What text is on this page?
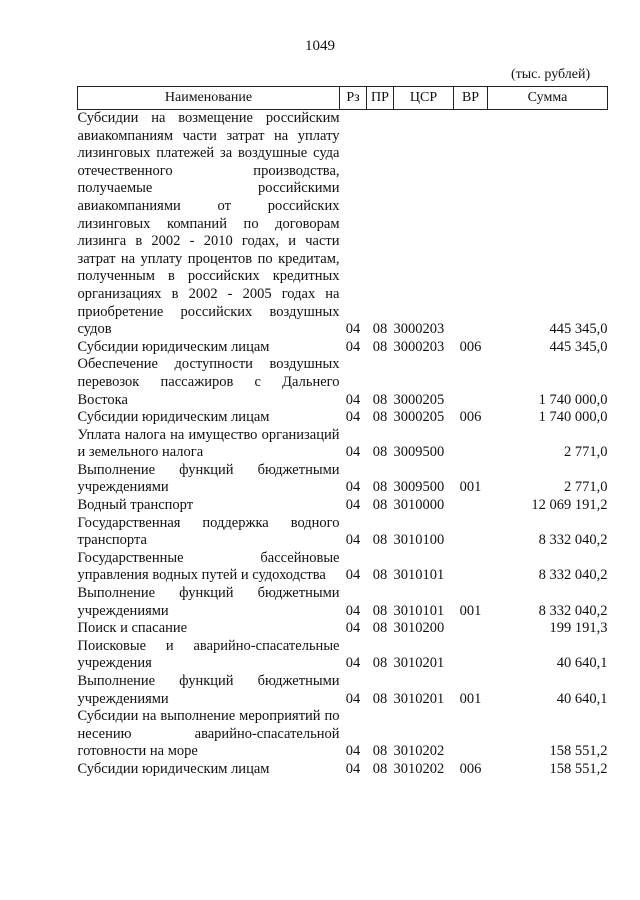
1049
(тыс. рублей)
Наименование	Рз	ПР	ЦСР	ВР	Сумма
Субсидии на возмещение российским авиакомпаниям части затрат на уплату лизинговых платежей за воздушные суда отечественного производства, получаемые российскими авиакомпаниями от российских лизинговых компаний по договорам лизинга в 2002 - 2010 годах, и части затрат на уплату процентов по кредитам, полученным в российских кредитных организациях в 2002 - 2005 годах на приобретение российских воздушных судов	04	08	3000203		445 345,0
Субсидии юридическим лицам	04	08	3000203	006	445 345,0
Обеспечение доступности воздушных перевозок пассажиров с Дальнего Востока	04	08	3000205		1 740 000,0
Субсидии юридическим лицам	04	08	3000205	006	1 740 000,0
Уплата налога на имущество организаций и земельного налога	04	08	3009500		2 771,0
Выполнение функций бюджетными учреждениями	04	08	3009500	001	2 771,0
Водный транспорт	04	08	3010000		12 069 191,2
Государственная поддержка водного транспорта	04	08	3010100		8 332 040,2
Государственные бассейновые управления водных путей и судоходства	04	08	3010101		8 332 040,2
Выполнение функций бюджетными учреждениями	04	08	3010101	001	8 332 040,2
Поиск и спасание	04	08	3010200		199 191,3
Поисковые и аварийно-спасательные учреждения	04	08	3010201		40 640,1
Выполнение функций бюджетными учреждениями	04	08	3010201	001	40 640,1
Субсидии на выполнение мероприятий по несению аварийно-спасательной готовности на море	04	08	3010202		158 551,2
Субсидии юридическим лицам	04	08	3010202	006	158 551,2
